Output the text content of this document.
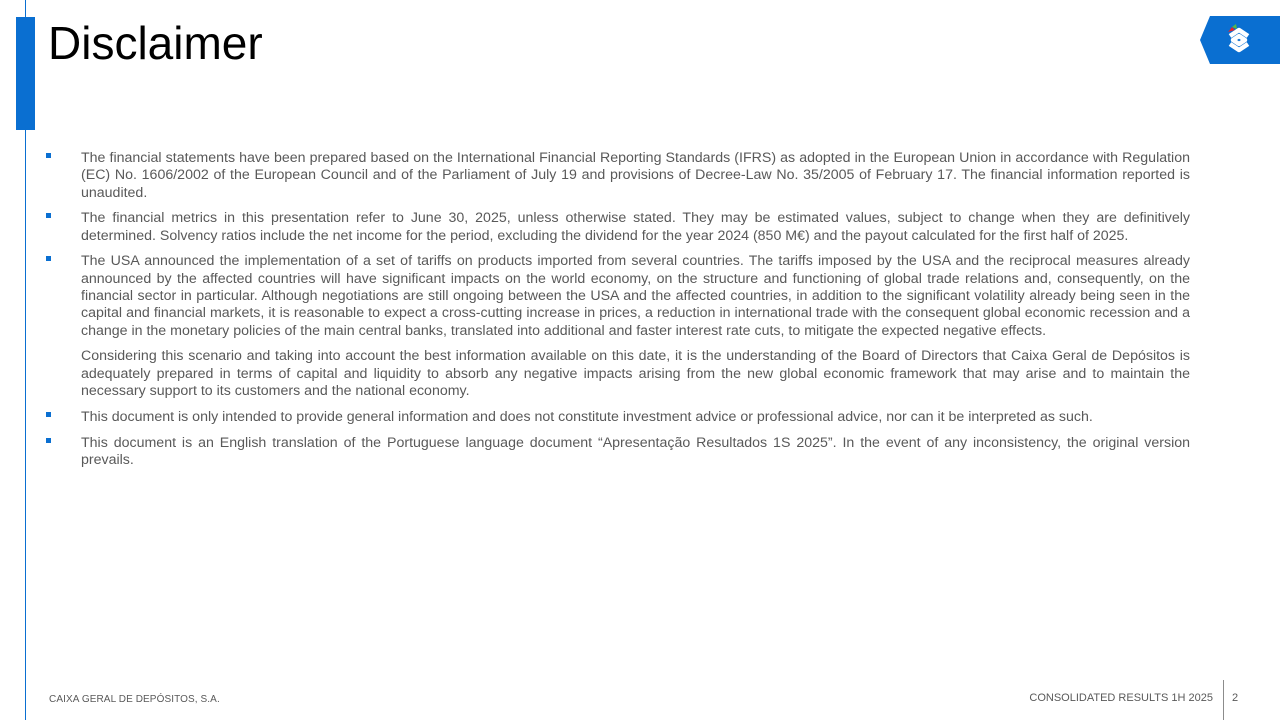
Disclaimer
The financial statements have been prepared based on the International Financial Reporting Standards (IFRS) as adopted in the European Union in accordance with Regulation (EC) No. 1606/2002 of the European Council and of the Parliament of July 19 and provisions of Decree-Law No. 35/2005 of February 17. The financial information reported is unaudited.
The financial metrics in this presentation refer to June 30, 2025, unless otherwise stated. They may be estimated values, subject to change when they are definitively determined. Solvency ratios include the net income for the period, excluding the dividend for the year 2024 (850 M€) and the payout calculated for the first half of 2025.
The USA announced the implementation of a set of tariffs on products imported from several countries. The tariffs imposed by the USA and the reciprocal measures already announced by the affected countries will have significant impacts on the world economy, on the structure and functioning of global trade relations and, consequently, on the financial sector in particular. Although negotiations are still ongoing between the USA and the affected countries, in addition to the significant volatility already being seen in the capital and financial markets, it is reasonable to expect a cross-cutting increase in prices, a reduction in international trade with the consequent global economic recession and a change in the monetary policies of the main central banks, translated into additional and faster interest rate cuts, to mitigate the expected negative effects.
Considering this scenario and taking into account the best information available on this date, it is the understanding of the Board of Directors that Caixa Geral de Depósitos is adequately prepared in terms of capital and liquidity to absorb any negative impacts arising from the new global economic framework that may arise and to maintain the necessary support to its customers and the national economy.
This document is only intended to provide general information and does not constitute investment advice or professional advice, nor can it be interpreted as such.
This document is an English translation of the Portuguese language document “Apresentação Resultados 1S 2025”. In the event of any inconsistency, the original version prevails.
CAIXA GERAL DE DEPÓSITOS, S.A.	CONSOLIDATED RESULTS 1H 2025 2
